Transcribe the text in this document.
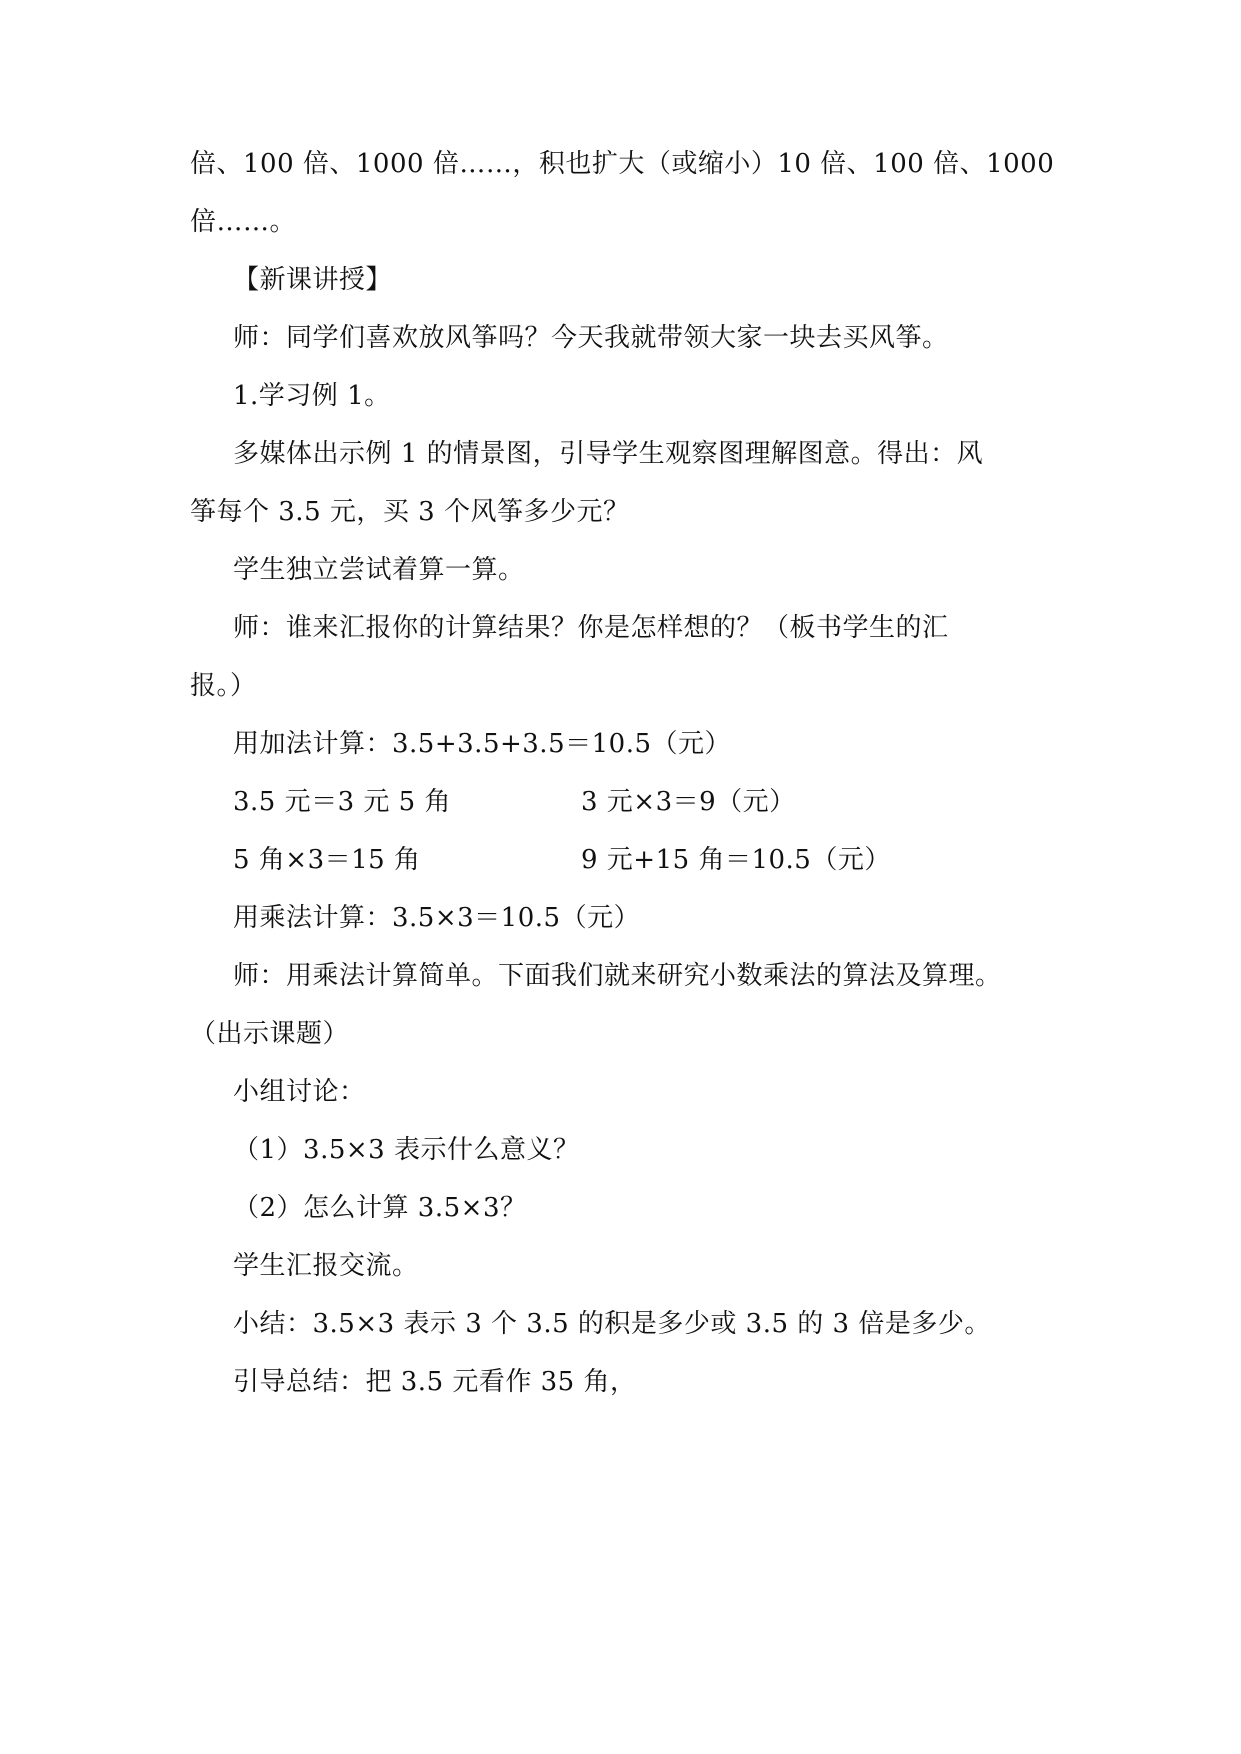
倍、100 倍、1000 倍……，积也扩大（或缩小）10 倍、100 倍、1000
倍……。
【新课讲授】
师：同学们喜欢放风筝吗？今天我就带领大家一块去买风筝。
1.学习例 1。
多媒体出示例 1 的情景图，引导学生观察图理解图意。得出：风
筝每个 3.5 元，买 3 个风筝多少元？
学生独立尝试着算一算。
师：谁来汇报你的计算结果？你是怎样想的？（板书学生的汇
报。）
用加法计算：3.5+3.5+3.5＝10.5（元）
3.5 元＝3 元 5 角	3 元×3＝9（元）
5 角×3＝15 角	9 元+15 角＝10.5（元）
用乘法计算：3.5×3＝10.5（元）
师：用乘法计算简单。下面我们就来研究小数乘法的算法及算理。
（出示课题）
小组讨论：
（1）3.5×3 表示什么意义？
（2）怎么计算 3.5×3？
学生汇报交流。
小结：3.5×3 表示 3 个 3.5 的积是多少或 3.5 的 3 倍是多少。
引导总结：把 3.5 元看作 35 角，
